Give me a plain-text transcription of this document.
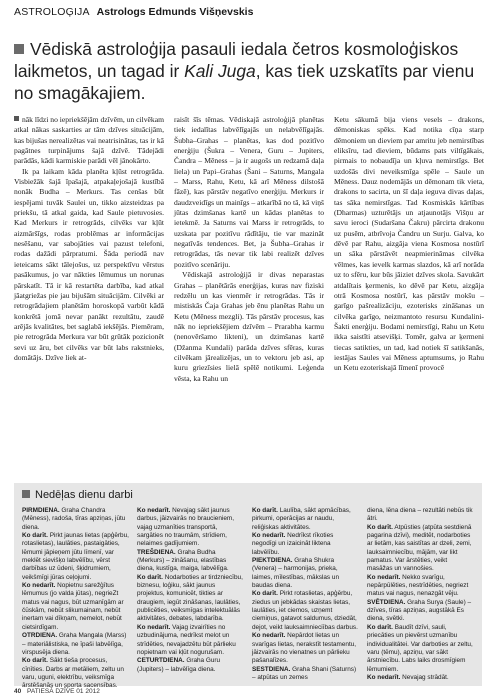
ASTROLOĢIJA Astrologs Edmunds Višņevskis
Vēdiskā astroloģija pasauli iedala četros kosmoloģiskos laikmetos, un tagad ir Kali Juga, kas tiek uzskatīts par vienu no smagākajiem.

nāk līdzi no iepriekšējām dzīvēm, un cilvēkam atkal nākas saskarties ar tām dzīves situācijām, kas bijušas nerealizētas vai neatrisinātas, tas ir kā pagātnes turpinājums šajā dzīvē. Tādejādi parādās, kādi karmiskie parādi vēl jānokārto.

Ik pa laikam kāda planēta kļūst retrogrāda. Visbiežāk šajā īpašajā, atpakaļejošajā kustībā nonāk Budha – Merkurs. Tas cenšas būt iespējami tuvāk Saulei un, tikko aizsteidzas pa priekšu, tā atkal gaida, kad Saule pietuvosies. Kad Merkurs ir retrogrāds, cilvēks var kļūt aizmāršīgs, rodas problēmas ar informācijas nesēšanu, var sabojāties vai pazust telefoni, rodas dažādi pārpratumi. Šāda periodā nav ieteicams sākt tālejošus, uz perspektīvu vērstus pasākumus, jo var nākties lēmumus un norunas pārskatīt. Tā ir kā restartēta darbība, kad atkal jāatgriežas pie jau bijušām situācijām. Cilvēki ar retrogrādajiem planētām horoskopā varbūt kādā konkrētā jomā nevar panākt rezultātu, zaudē arējās kvalitātes, bet saglabā iekšējās. Piemēram, pie retrogrāda Merkura var būt grūtāk pozicionēt sevi uz āru, bet cilvēks var būt labs rakstnieks, domātājs. Dzīve liek at-

raisīt šīs tēmas. Vēdiskajā astroloģijā planētas tiek iedalītas labvēlīgajās un nelabvēlīgajās. Šubha–Grahas – planētas, kas dod pozitīvo enerģiju (Šukra – Venera, Guru – Jupiters, Čandra – Mēness – ja ir augošs un redzamā daļa liela) un Papi–Grahas (Šani – Saturns, Mangala – Marss, Rahu, Ketu, kā arī Mēness dilstošā fāzē), kas pārstāv negatīvo enerģiju. Merkurs ir daudzveidīgs un mainīgs – atkarībā no tā, kā viņš jūtas dzimšanas kartē un kādas planētas to ietekmē. Ja Saturns vai Marss ir retrogrāds, to uzskata par pozitīvu rādītāju, tie var mazināt negatīvās tendences. Bet, ja Šubha–Grahas ir retrogrādas, tās nevar tik labi realizēt dzīves pozitīvo scenāriju.

Vēdiskajā astroloģijā ir divas neparastas Grahas – planētārās enerģijas, kuras nav fiziski redzēlu un kas vienmēr ir retrogrādas. Tās ir mistiskās Čaja Grahas jeb ēnu planētas Rahu un Ketu (Mēness mezgli). Tās pārstāv procesus, kas nāk no iepriekšējiem dzīvēm – Prarabha karmu (nenovēršamo likteni), un dzimšanas kartē (Džanma Kundali) parāda dzīves sfēras, kuras cilvēkam jārealizējas, un to vektoru jeb asi, ap kuru griezīsies lielā spēlē notikumi. Leģenda vēsta, ka Rahu un

Ketu sākumā bija viens vesels – drakons, dēmoniskas spēks. Kad notika cīņa starp dēmoniem un dieviem par amritu jeb nemirstības eliksīru, tad dieviem, būdams pats viltīgākais, pirmais to nobaudīja un kļuva nemirstīgs. Bet uzdošās divi neveiksmīga spēle – Saule un Mēness. Dauz nodemājās un dēmonam tik vieta, drakons to sacirta, un šī daļa ieguva divas daļas, tas sāka nemirstīgas. Tad Kosmiskās kārtības (Dharmas) uzturētājs un atjaunotājs Višņu ar savu ieroci (Sudaršana Čakru) pārcirta drakonu uz pusēm, atbrīvoja Čandru un Surju. Galva, ko dēvē par Rahu, aizgāja viena Kosmosa nostūrī un sāka pārstāvēt neapmierināmas cilvēka vēlmes, kas ievelk karmas slazdos, kā arī norāda uz to sfēru, kur būs jāiziet dzīves skola. Savukārt atdalītais ķermenis, ko dēvē par Ketu, aizgāja otrā Kosmosa nostūrī, kas pārstāv mokšu – garīgo pašrealizāciju, ezoterisks zināšanas un cilvēka garīgo, neizmantoto resursu Kundalini-Šakti enerģiju. Bodami nemirstīgi, Rahu un Ketu ikka saistīti atsevišķi. Tomēr, galva ar ķermeni tiecas satikties, un tad, kad notiek šī satikšanās, iestājas Saules vai Mēness aptumsums, jo Rahu un Ketu ezoteriskajā līmenī provocē

Nedēļas dienu darbi

PIRMDIENA. Graha Chandra (Mēness), radoša, tīras apziņas, jūtu diena.

Ko darīt. Pirkt jaunas lietas (apģērbu, rotaslietas), laulāties, pastaigāties, lēmumi jāpieņem jūtu līmenī, var meklēt sievišķo labvēlību, vērst darbības uz ūdeni, šķidrumiem, veikšmīgi jūras ceļojumi.

Ko nedarīt. Nopietnu sarežģītus lēmumus (jo valda jūtas), negrieZt matus vai nagus, būt uzmanīgām ar čūskām, nebūt slikumainam, nebūt inertam vai dīkņam, nemelot, nebūt cietsirdīgam.

OTRDIENA. Graha Mangala (Marss) – materiālistiska, ne īpaši labvēlīga, virspusēja diena.

Ko darīt. Sākt tieša procesus, cīnīties. Darbs ar metāliem, zeltu un varu, uguni, elektrību, veiksmīga ārstēšanās un sporta sacensības.

Ko nedarīt. Nevajag sākt jaunus darbus, jāizvairās no braucieniem, vajag uzmanīties transportā, sargāties no traumām, strīdiem, nelaimes gadījumiem.

TREŠDIENA. Graha Budha (Merkurs) – zināšanu, elastības diena, kustīga, maiga, labvēlīga.

Ko darīt. Nodarboties ar tirdzniecību, biznesu, loģiku, sākt jaunus projektus, komunicēt, tikties ar draugiem, iegūt zināšanas, laulāties, publicēties, veiksmīgas intelektuālās aktivitātes, debates, labdarība.

Ko nedarīt. Vajag izvairīties no uzbudinājuma, nedrīkst melot un strīdēties, nevajadzētu būt pārlieku nopietnam vai kļūt nogurušam.

CETURTDIENA. Graha Guru (Jupiters) – labvēlīga diena.

Ko darīt. Laulība, sākt apmācības, pirkumi, operācijas ar naudu, reliģiskas aktivitātes.

Ko nedarīt. Nedrīkst rīkoties negodīgi un izaicināt liktena labvēlību.

PIEKTDIENA. Graha Shukra (Venera) – harmonijas, prieka, laimes, mīlestības, mākslas un baudas diena.

Ko darīt. Pirkt rotaslietas, apģērbu, ziedus un jebkādas skaistas lietas, laulāties, iet ciemos, uzņemt ciemiņus, gatavot saldumus, dziedāt, dejot, veikt lauksaimnieciības darbus.

Ko nedarīt. Nepārdot lietas un svarīgas lietas, nerakstīt testamentu, jāizvairās no vienatnes un pārlieku pašanalīzes.

SESTDIENA. Graha Shani (Saturns) – atpūtas un zemes

diena, lēna diena – rezultāti nebūs tik ātri.

Ko darīt. Atpūsties (atpūta sestdienā pagarina dzīvi), meditēt, nodarboties ar lietām, kas saistītas ar dzeli, zemi, lauksaimniecību, mājām, var likt pamatus. Var ārstēties, veikt masāžas un vannošies.

Ko nedarīt. Nekko svarīgu, nepārpūlēties, nestrīdēties, negriezt matus vai nagus, nenazgāt vēju.

SVĒTDIENA. Graha Surya (Saule) – dzīves, tīras apziņas, augstākā Es diena, svētki.

Ko darīt. Baudīt dzīvi, sauli, priecāties un pievērst uzmanību individualitātei. Var darboties ar zeltu, varu (tēmu), apziņu, var sākt ārstniecību. Labs laiks drosmīgiem lēmumiem.

Ko nedarīt. Nevajag strādāt.

40 PATIESĀ DZĪVE 01 2012
